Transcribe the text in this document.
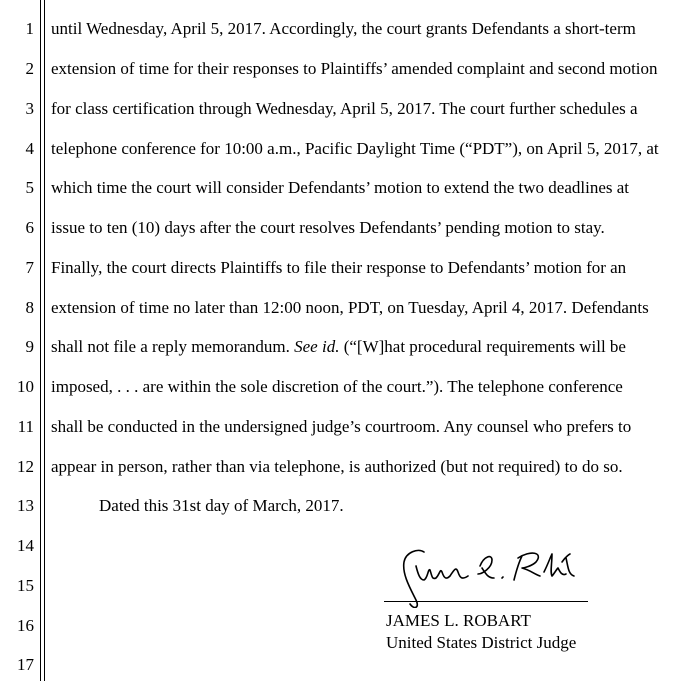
1
2
3
4
5
6
7
8
9
10
11
12
13
14
15
16
17
until Wednesday, April 5, 2017. Accordingly, the court grants Defendants a short-term
extension of time for their responses to Plaintiffs’ amended complaint and second motion
for class certification through Wednesday, April 5, 2017. The court further schedules a
telephone conference for 10:00 a.m., Pacific Daylight Time (“PDT”), on April 5, 2017, at
which time the court will consider Defendants’ motion to extend the two deadlines at
issue to ten (10) days after the court resolves Defendants’ pending motion to stay.
Finally, the court directs Plaintiffs to file their response to Defendants’ motion for an
extension of time no later than 12:00 noon, PDT, on Tuesday, April 4, 2017. Defendants
shall not file a reply memorandum. See id. (“[W]hat procedural requirements will be
imposed, . . . are within the sole discretion of the court.”). The telephone conference
shall be conducted in the undersigned judge’s courtroom. Any counsel who prefers to
appear in person, rather than via telephone, is authorized (but not required) to do so.
Dated this 31st day of March, 2017.
JAMES L. ROBART
United States District Judge
